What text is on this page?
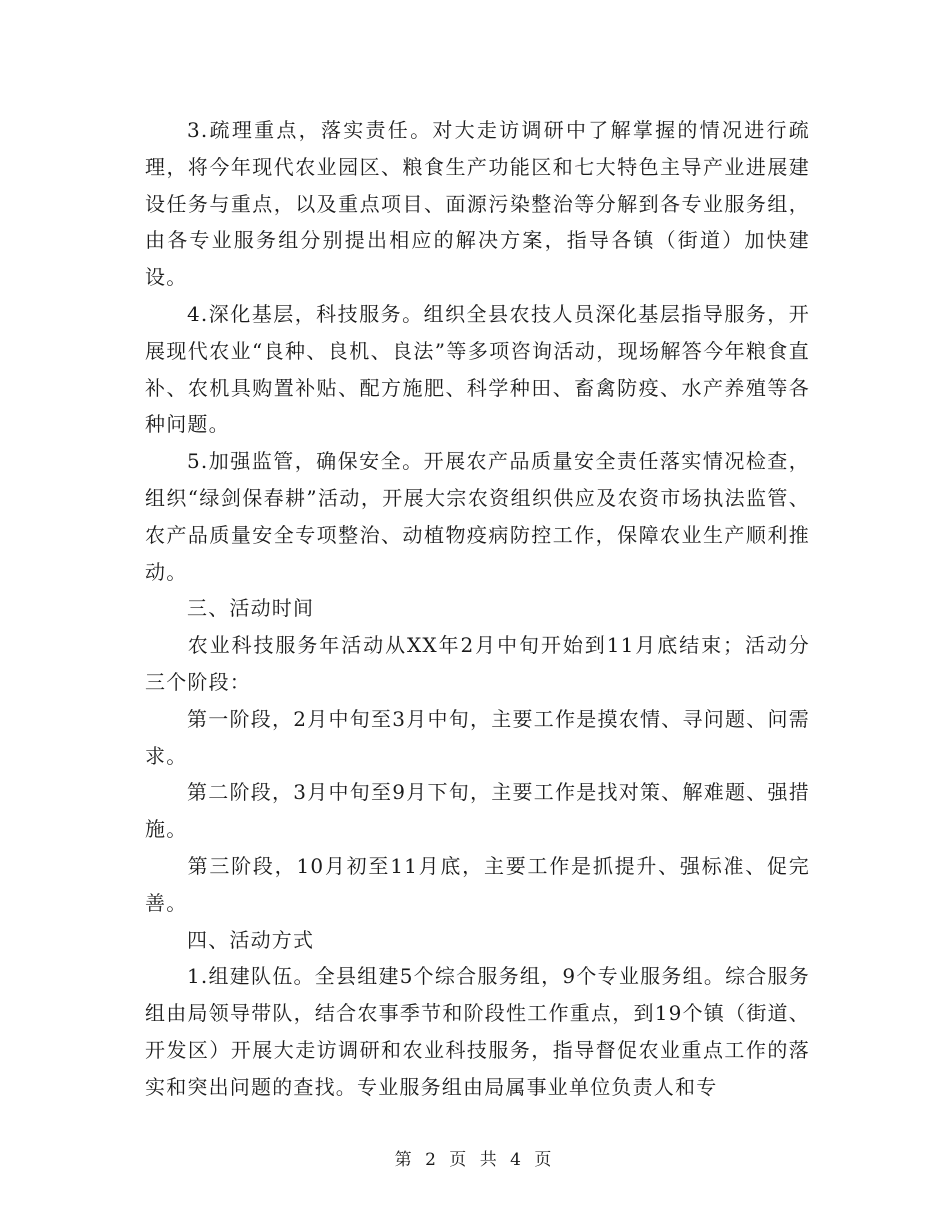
3.疏理重点，落实责任。对大走访调研中了解掌握的情况进行疏理，将今年现代农业园区、粮食生产功能区和七大特色主导产业进展建设任务与重点，以及重点项目、面源污染整治等分解到各专业服务组，由各专业服务组分别提出相应的解决方案，指导各镇（街道）加快建设。

4.深化基层，科技服务。组织全县农技人员深化基层指导服务，开展现代农业“良种、良机、良法”等多项咨询活动，现场解答今年粮食直补、农机具购置补贴、配方施肥、科学种田、畜禽防疫、水产养殖等各种问题。

5.加强监管，确保安全。开展农产品质量安全责任落实情况检查，组织“绿剑保春耕”活动，开展大宗农资组织供应及农资市场执法监管、农产品质量安全专项整治、动植物疫病防控工作，保障农业生产顺利推动。

三、活动时间

农业科技服务年活动从XX年2月中旬开始到11月底结束；活动分三个阶段：

第一阶段，2月中旬至3月中旬，主要工作是摸农情、寻问题、问需求。

第二阶段，3月中旬至9月下旬，主要工作是找对策、解难题、强措施。

第三阶段，10月初至11月底，主要工作是抓提升、强标准、促完善。

四、活动方式

1.组建队伍。全县组建5个综合服务组，9个专业服务组。综合服务组由局领导带队，结合农事季节和阶段性工作重点，到19个镇（街道、开发区）开展大走访调研和农业科技服务，指导督促农业重点工作的落实和突出问题的查找。专业服务组由局属事业单位负责人和专

第 2 页 共 4 页
